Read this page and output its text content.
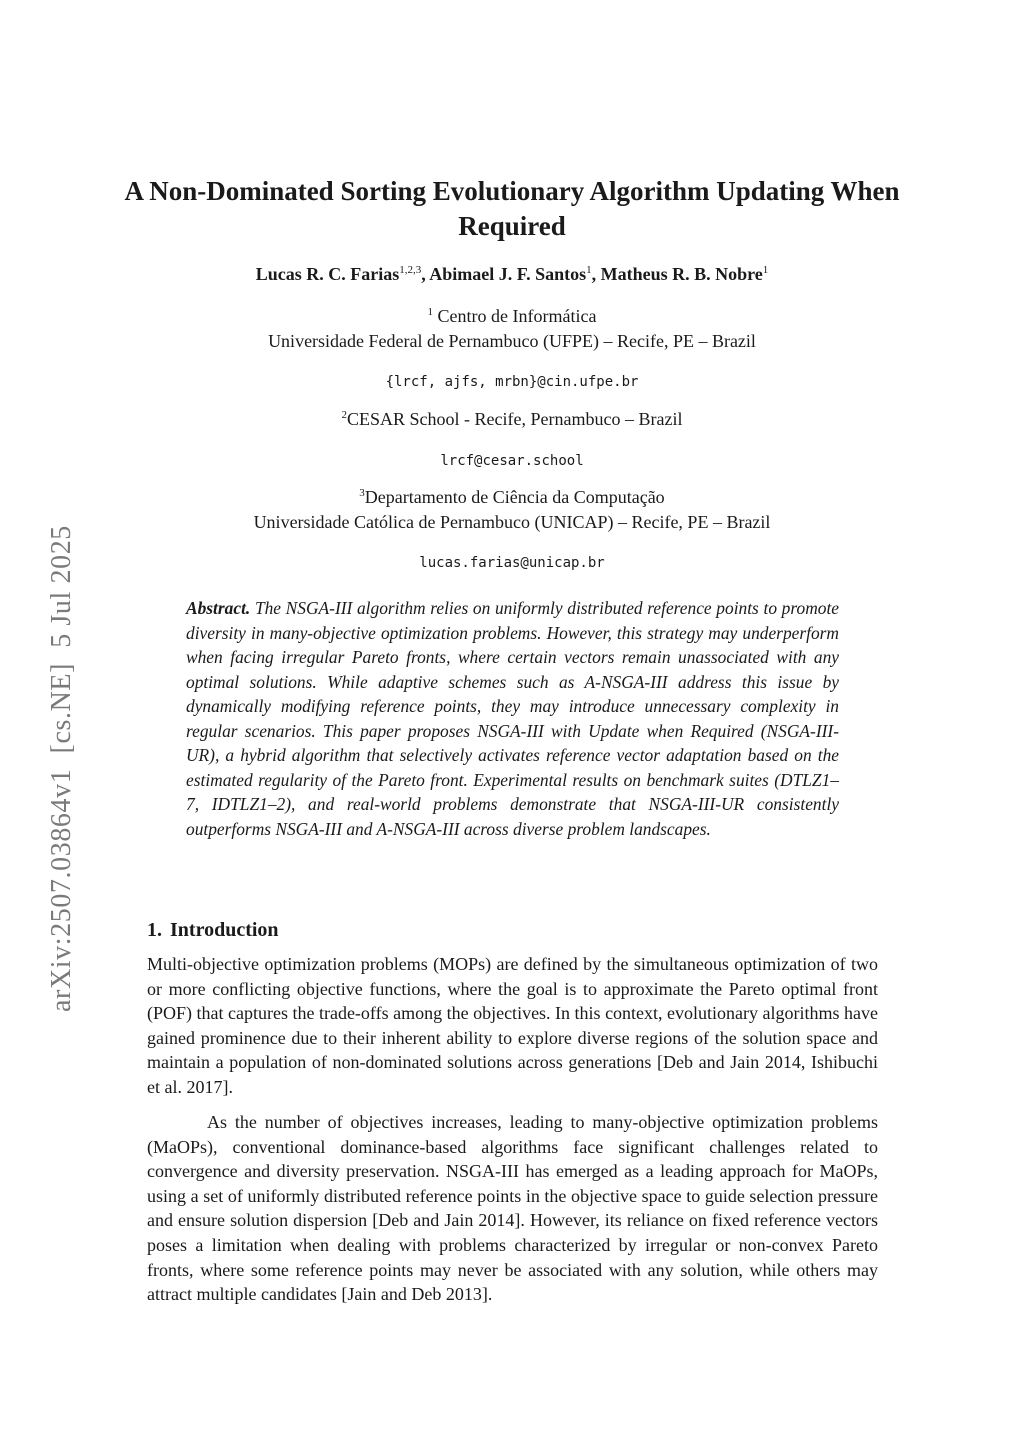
arXiv:2507.03864v1  [cs.NE]  5 Jul 2025
A Non-Dominated Sorting Evolutionary Algorithm Updating When Required
Lucas R. C. Farias$^{1,2,3}$, Abimael J. F. Santos$^1$, Matheus R. B. Nobre$^1$
$^1$ Centro de Informática
Universidade Federal de Pernambuco (UFPE) – Recife, PE – Brazil
{lrcf, ajfs, mrbn}@cin.ufpe.br
$^2$CESAR School - Recife, Pernambuco – Brazil
lrcf@cesar.school
$^3$Departamento de Ciência da Computação
Universidade Católica de Pernambuco (UNICAP) – Recife, PE – Brazil
lucas.farias@unicap.br
Abstract. The NSGA-III algorithm relies on uniformly distributed reference points to promote diversity in many-objective optimization problems. However, this strategy may underperform when facing irregular Pareto fronts, where certain vectors remain unassociated with any optimal solutions. While adaptive schemes such as A-NSGA-III address this issue by dynamically modifying reference points, they may introduce unnecessary complexity in regular scenarios. This paper proposes NSGA-III with Update when Required (NSGA-III-UR), a hybrid algorithm that selectively activates reference vector adaptation based on the estimated regularity of the Pareto front. Experimental results on benchmark suites (DTLZ1–7, IDTLZ1–2), and real-world problems demonstrate that NSGA-III-UR consistently outperforms NSGA-III and A-NSGA-III across diverse problem landscapes.
1. Introduction
Multi-objective optimization problems (MOPs) are defined by the simultaneous optimization of two or more conflicting objective functions, where the goal is to approximate the Pareto optimal front (POF) that captures the trade-offs among the objectives. In this context, evolutionary algorithms have gained prominence due to their inherent ability to explore diverse regions of the solution space and maintain a population of non-dominated solutions across generations [Deb and Jain 2014, Ishibuchi et al. 2017].
As the number of objectives increases, leading to many-objective optimization problems (MaOPs), conventional dominance-based algorithms face significant challenges related to convergence and diversity preservation. NSGA-III has emerged as a leading approach for MaOPs, using a set of uniformly distributed reference points in the objective space to guide selection pressure and ensure solution dispersion [Deb and Jain 2014]. However, its reliance on fixed reference vectors poses a limitation when dealing with problems characterized by irregular or non-convex Pareto fronts, where some reference points may never be associated with any solution, while others may attract multiple candidates [Jain and Deb 2013].
